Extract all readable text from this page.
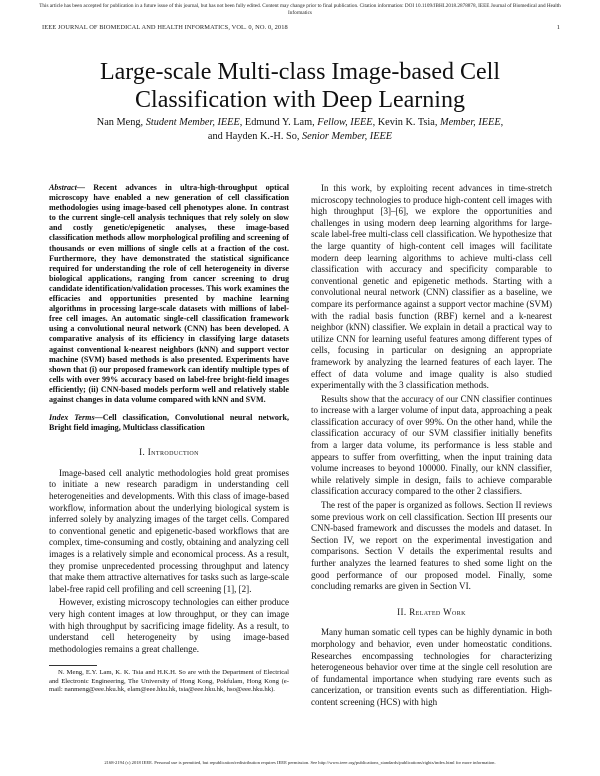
This article has been accepted for publication in a future issue of this journal, but has not been fully edited. Content may change prior to final publication. Citation information: DOI 10.1109/JBHI.2018.2878878, IEEE Journal of Biomedical and Health Informatics
IEEE JOURNAL OF BIOMEDICAL AND HEALTH INFORMATICS, VOL. 0, NO. 0, 2018	1
Large-scale Multi-class Image-based Cell Classification with Deep Learning
Nan Meng, Student Member, IEEE, Edmund Y. Lam, Fellow, IEEE, Kevin K. Tsia, Member, IEEE,
and Hayden K.-H. So, Senior Member, IEEE
Abstract— Recent advances in ultra-high-throughput optical microscopy have enabled a new generation of cell classification methodologies using image-based cell phenotypes alone. In contrast to the current single-cell analysis techniques that rely solely on slow and costly genetic/epigenetic analyses, these image-based classification methods allow morphological profiling and screening of thousands or even millions of single cells at a fraction of the cost. Furthermore, they have demonstrated the statistical significance required for understanding the role of cell heterogeneity in diverse biological applications, ranging from cancer screening to drug candidate identification/validation processes. This work examines the efficacies and opportunities presented by machine learning algorithms in processing large-scale datasets with millions of label-free cell images. An automatic single-cell classification framework using a convolutional neural network (CNN) has been developed. A comparative analysis of its efficiency in classifying large datasets against conventional k-nearest neighbors (kNN) and support vector machine (SVM) based methods is also presented. Experiments have shown that (i) our proposed framework can identify multiple types of cells with over 99% accuracy based on label-free bright-field images efficiently; (ii) CNN-based models perform well and relatively stable against changes in data volume compared with kNN and SVM.
Index Terms—Cell classification, Convolutional neural network, Bright field imaging, Multiclass classification
I. Introduction

Image-based cell analytic methodologies hold great promises to initiate a new research paradigm in understanding cell heterogeneities and developments. With this class of image-based workflow, information about the underlying biological system is inferred solely by analyzing images of the target cells. Compared to conventional genetic and epigenetic-based workflows that are complex, time-consuming and costly, obtaining and analyzing cell images is a relatively simple and economical process. As a result, they promise unprecedented processing throughput and latency that make them attractive alternatives for tasks such as large-scale label-free rapid cell profiling and cell screening [1], [2].

However, existing microscopy technologies can either produce very high content images at low throughput, or they can image with high throughput by sacrificing image fidelity. As a result, to understand cell heterogeneity by using image-based methodologies remains a great challenge.

N. Meng, E.Y. Lam, K. K. Tsia and H.K.H. So are with the Department of Electrical and Electronic Engineering, The University of Hong Kong, Pokfulam, Hong Kong (e-mail: nanmeng@eee.hku.hk, elam@eee.hku.hk, tsia@eee.hku.hk, hso@eee.hku.hk).

In this work, by exploiting recent advances in time-stretch microscopy technologies to produce high-content cell images with high throughput [3]–[6], we explore the opportunities and challenges in using modern deep learning algorithms for large-scale label-free multi-class cell classification. We hypothesize that the large quantity of high-content cell images will facilitate modern deep learning algorithms to achieve multi-class cell classification with accuracy and specificity comparable to conventional genetic and epigenetic methods. Starting with a convolutional neural network (CNN) classifier as a baseline, we compare its performance against a support vector machine (SVM) with the radial basis function (RBF) kernel and a k-nearest neighbor (kNN) classifier. We explain in detail a practical way to utilize CNN for learning useful features among different types of cells, focusing in particular on designing an appropriate framework by analyzing the learned features of each layer. The effect of data volume and image quality is also studied experimentally with the 3 classification methods.

Results show that the accuracy of our CNN classifier continues to increase with a larger volume of input data, approaching a peak classification accuracy of over 99%. On the other hand, while the classification accuracy of our SVM classifier initially benefits from a larger data volume, its performance is less stable and appears to suffer from overfitting, when the input training data volume increases to beyond 100000. Finally, our kNN classifier, while relatively simple in design, fails to achieve comparable classification accuracy compared to the other 2 classifiers.

The rest of the paper is organized as follows. Section II reviews some previous work on cell classification. Section III presents our CNN-based framework and discusses the models and dataset. In Section IV, we report on the experimental investigation and comparisons. Section V details the experimental results and further analyzes the learned features to shed some light on the good performance of our proposed model. Finally, some concluding remarks are given in Section VI.

II. Related Work

Many human somatic cell types can be highly dynamic in both morphology and behavior, even under homeostatic conditions. Researches encompassing technologies for characterizing heterogeneous behavior over time at the single cell resolution are of fundamental importance when studying rare events such as cancerization, or transition events such as differentiation. High-content screening (HCS) with high

2168-2194 (c) 2018 IEEE. Personal use is permitted, but republication/redistribution requires IEEE permission. See http://www.ieee.org/publications_standards/publications/rights/index.html for more information.
